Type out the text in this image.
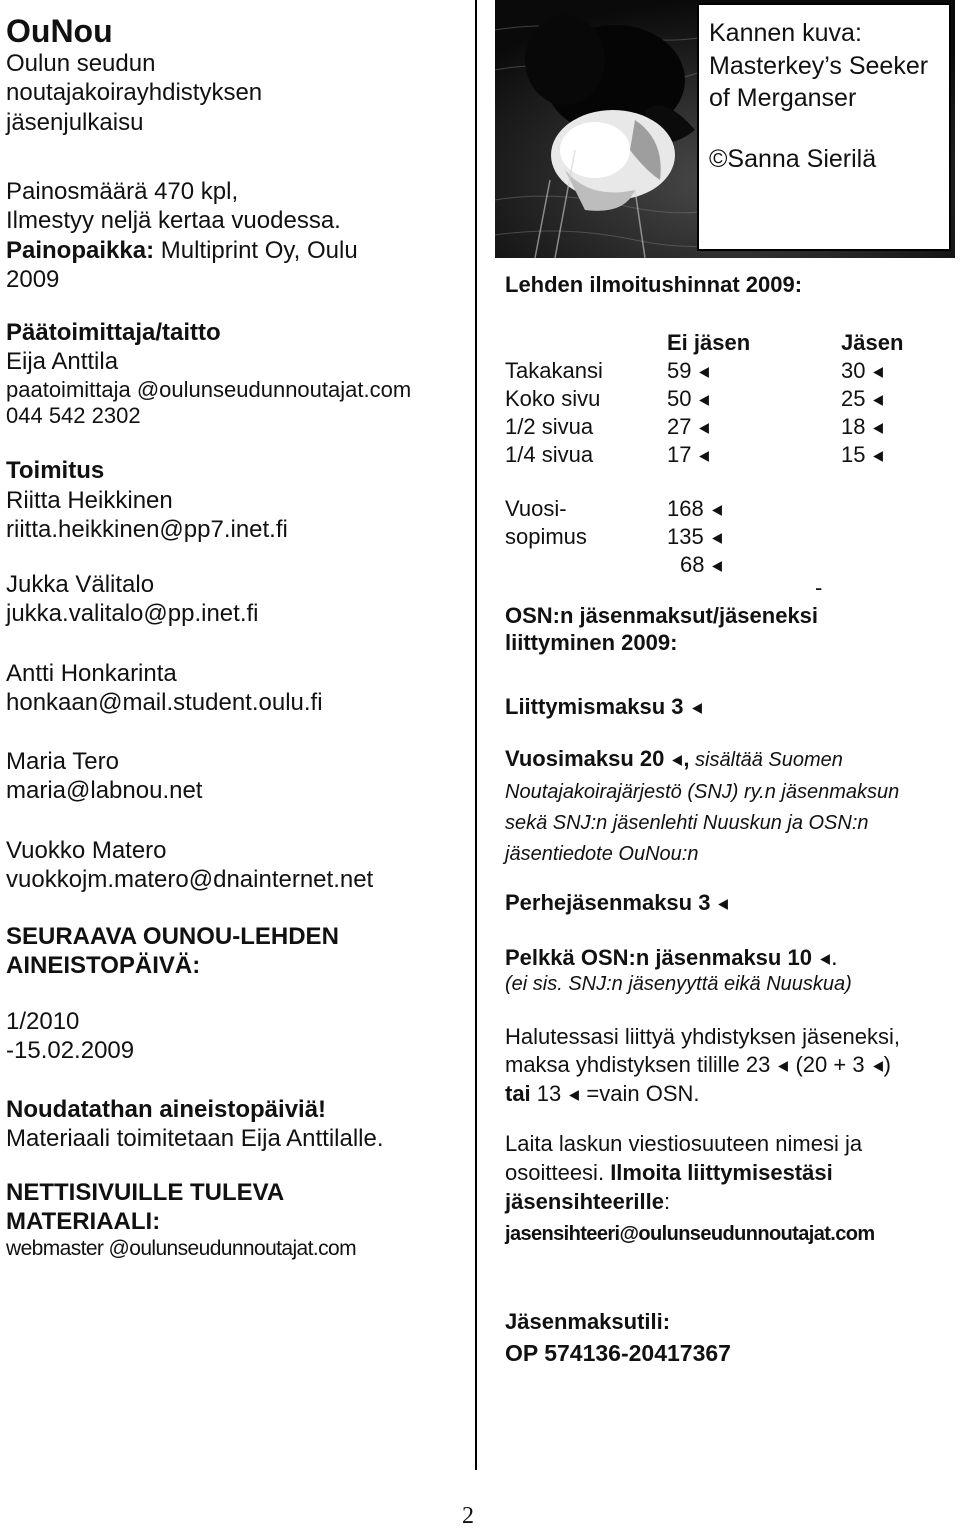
OuNou
Oulun seudun noutajakoirayhdistyksen jäsenjulkaisu
Painosmäärä 470 kpl,
Ilmestyy neljä kertaa vuodessa.
Painopaikka: Multiprint Oy, Oulu 2009
Päätoimittaja/taitto
Eija Anttila
paatoimittaja @oulunseudunnoutajat.com
044 542 2302
Toimitus
Riitta Heikkinen
riitta.heikkinen@pp7.inet.fi
Jukka Välitalo
jukka.valitalo@pp.inet.fi
Antti Honkarinta
honkaan@mail.student.oulu.fi
Maria Tero
maria@labnou.net
Vuokko Matero
vuokkojm.matero@dnainternet.net
SEURAAVA OUNOU-LEHDEN AINEISTOPÄIVÄ:
1/2010
-15.02.2009
Noudatathan aineistopäiviä!
Materiaali toimitetaan Eija Anttilalle.
NETTISIVUILLE TULEVA MATERIAALI:
webmaster @oulunseudunnoutajat.com
Kannen kuva: Masterkey’s Seeker of Merganser
©Sanna Sierilä
Lehden ilmoitushinnat 2009:
	Ei jäsen	Jäsen
Takakansi	59	30
Koko sivu	50	25
1/2 sivua	27	18
1/4 sivua	17	15
Vuosi-	168
sopimus	135
	68
	-
OSN:n jäsenmaksut/jäseneksi liittyminen 2009:
Liittymismaksu 3
Vuosimaksu 20 , sisältää Suomen Noutajakoirajärjestö (SNJ) ry.n jäsenmaksun sekä SNJ:n jäsenlehti Nuuskun ja OSN:n jäsentiedote OuNou:n
Perhejäsenmaksu 3
Pelkkä OSN:n jäsenmaksu 10 .
(ei sis. SNJ:n jäsenyyttä eikä Nuuskua)
Halutessasi liittyä yhdistyksen jäseneksi, maksa yhdistyksen tilille 23 (20 + 3 ) tai 13 =vain OSN.
Laita laskun viestiosuuteen nimesi ja osoitteesi. Ilmoita liittymisestäsi jäsensihteerille:
jasensihteeri@oulunseudunnoutajat.com
Jäsenmaksutili:
OP 574136-20417367
2
